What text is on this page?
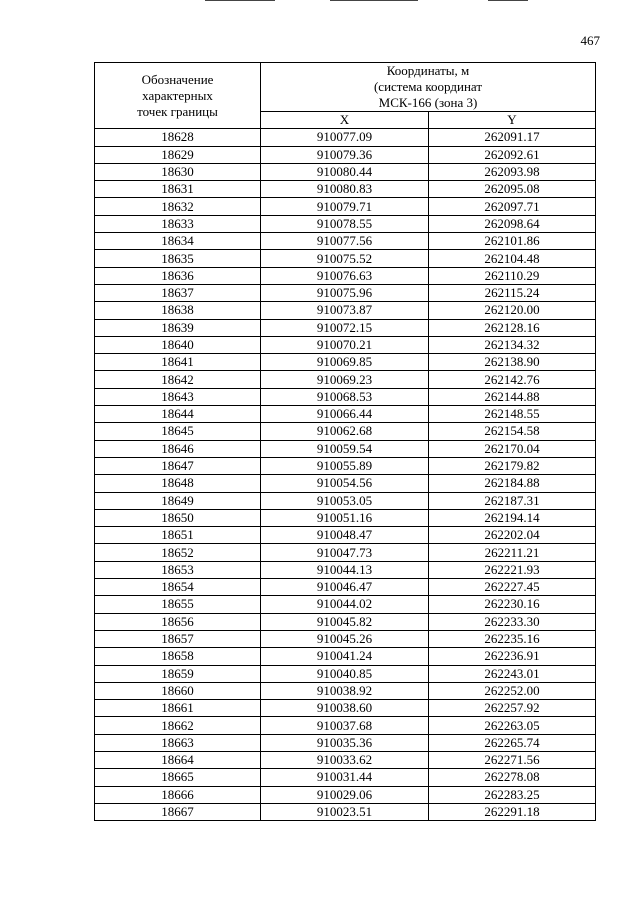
467
Обозначение
характерных
точек границы	Координаты, м
(система координат
МСК-166 (зона 3)	

	X	Y
18628	910077.09	262091.17
18629	910079.36	262092.61
18630	910080.44	262093.98
18631	910080.83	262095.08
18632	910079.71	262097.71
18633	910078.55	262098.64
18634	910077.56	262101.86
18635	910075.52	262104.48
18636	910076.63	262110.29
18637	910075.96	262115.24
18638	910073.87	262120.00
18639	910072.15	262128.16
18640	910070.21	262134.32
18641	910069.85	262138.90
18642	910069.23	262142.76
18643	910068.53	262144.88
18644	910066.44	262148.55
18645	910062.68	262154.58
18646	910059.54	262170.04
18647	910055.89	262179.82
18648	910054.56	262184.88
18649	910053.05	262187.31
18650	910051.16	262194.14
18651	910048.47	262202.04
18652	910047.73	262211.21
18653	910044.13	262221.93
18654	910046.47	262227.45
18655	910044.02	262230.16
18656	910045.82	262233.30
18657	910045.26	262235.16
18658	910041.24	262236.91
18659	910040.85	262243.01
18660	910038.92	262252.00
18661	910038.60	262257.92
18662	910037.68	262263.05
18663	910035.36	262265.74
18664	910033.62	262271.56
18665	910031.44	262278.08
18666	910029.06	262283.25
18667	910023.51	262291.18
